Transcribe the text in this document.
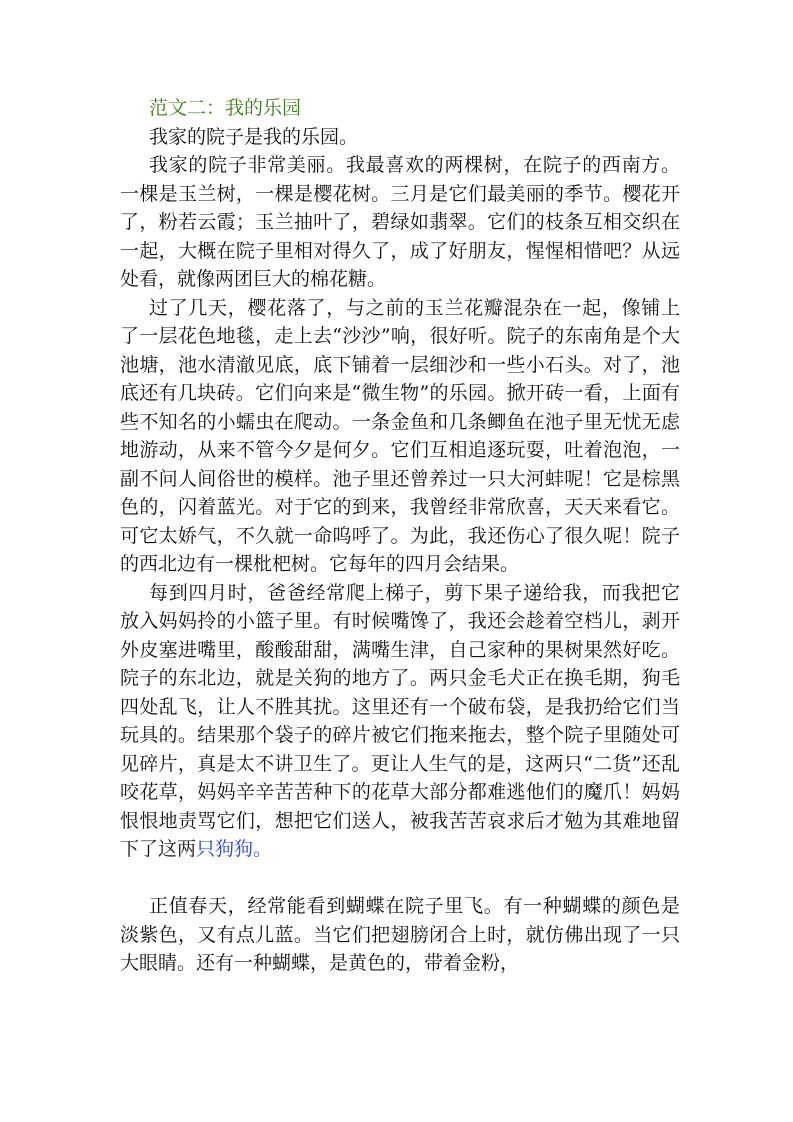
范文二：我的乐园

我家的院子是我的乐园。

我家的院子非常美丽。我最喜欢的两棵树，在院子的西南方。一棵是玉兰树，一棵是樱花树。三月是它们最美丽的季节。樱花开了，粉若云霞；玉兰抽叶了，碧绿如翡翠。它们的枝条互相交织在一起，大概在院子里相对得久了，成了好朋友，惺惺相惜吧？从远处看，就像两团巨大的棉花糖。

过了几天，樱花落了，与之前的玉兰花瓣混杂在一起，像铺上了一层花色地毯，走上去“沙沙”响，很好听。院子的东南角是个大池塘，池水清澈见底，底下铺着一层细沙和一些小石头。对了，池底还有几块砖。它们向来是“微生物”的乐园。掀开砖一看，上面有些不知名的小蠕虫在爬动。一条金鱼和几条鲫鱼在池子里无忧无虑地游动，从来不管今夕是何夕。它们互相追逐玩耍，吐着泡泡，一副不问人间俗世的模样。池子里还曾养过一只大河蚌呢！它是棕黑色的，闪着蓝光。对于它的到来，我曾经非常欣喜，天天来看它。可它太娇气，不久就一命呜呼了。为此，我还伤心了很久呢！院子的西北边有一棵枇杷树。它每年的四月会结果。

每到四月时，爸爸经常爬上梯子，剪下果子递给我，而我把它放入妈妈拎的小篮子里。有时候嘴馋了，我还会趁着空档儿，剥开外皮塞进嘴里，酸酸甜甜，满嘴生津，自己家种的果树果然好吃。院子的东北边，就是关狗的地方了。两只金毛犬正在换毛期，狗毛四处乱飞，让人不胜其扰。这里还有一个破布袋，是我扔给它们当玩具的。结果那个袋子的碎片被它们拖来拖去，整个院子里随处可见碎片，真是太不讲卫生了。更让人生气的是，这两只“二货”还乱咬花草，妈妈辛辛苦苦种下的花草大部分都难逃他们的魔爪！妈妈恨恨地责骂它们，想把它们送人，被我苦苦哀求后才勉为其难地留下了这两只狗狗。

正值春天，经常能看到蝴蝶在院子里飞。有一种蝴蝶的颜色是淡紫色，又有点儿蓝。当它们把翅膀闭合上时，就仿佛出现了一只大眼睛。还有一种蝴蝶，是黄色的，带着金粉，
